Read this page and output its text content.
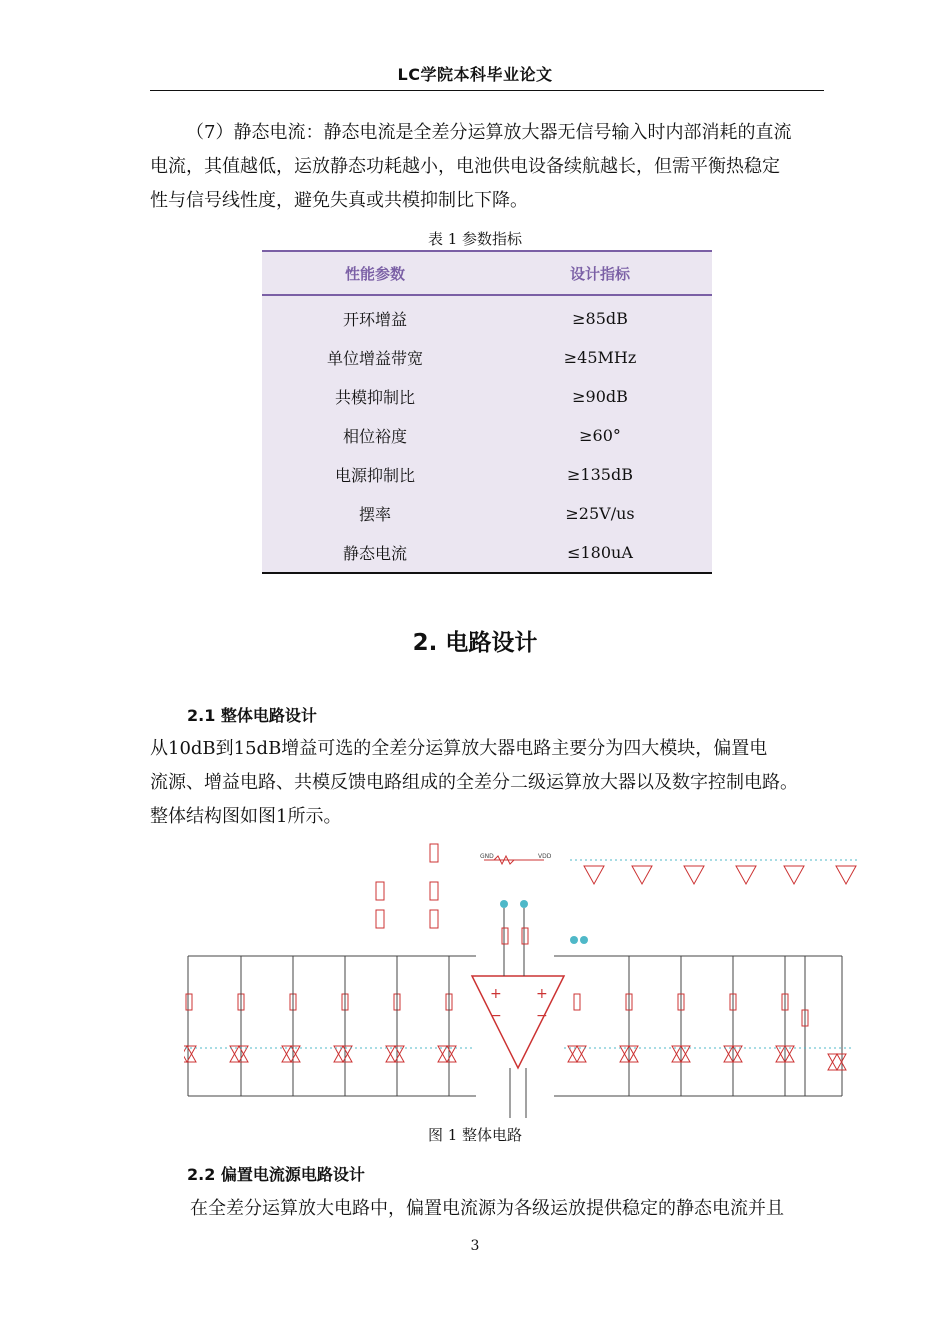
LC学院本科毕业论文
（7）静态电流：静态电流是全差分运算放大器无信号输入时内部消耗的直流
电流，其值越低，运放静态功耗越小，电池供电设备续航越长，但需平衡热稳定
性与信号线性度，避免失真或共模抑制比下降。
表 1 参数指标
性能参数	设计指标
开环增益	≥85dB
单位增益带宽	≥45MHz
共模抑制比	≥90dB
相位裕度	≥60°
电源抑制比	≥135dB
摆率	≥25V/us
静态电流	≤180uA
2. 电路设计
2.1 整体电路设计
从10dB到15dB增益可选的全差分运算放大器电路主要分为四大模块，偏置电
流源、增益电路、共模反馈电路组成的全差分二级运算放大器以及数字控制电路。
整体结构图如图1所示。
+ +
− −
GND	VDD
图 1 整体电路
2.2 偏置电流源电路设计
在全差分运算放大电路中，偏置电流源为各级运放提供稳定的静态电流并且
3
